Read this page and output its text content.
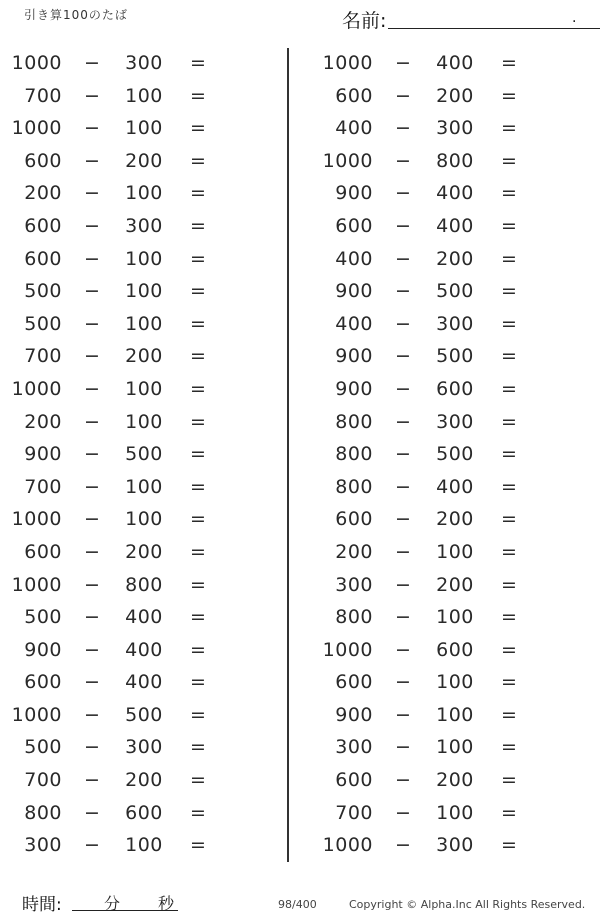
引き算100のたば	名前:	.
1000 − 300 =
700 − 100 =
1000 − 100 =
600 − 200 =
200 − 100 =
600 − 300 =
600 − 100 =
500 − 100 =
500 − 100 =
700 − 200 =
1000 − 100 =
200 − 100 =
900 − 500 =
700 − 100 =
1000 − 100 =
600 − 200 =
1000 − 800 =
500 − 400 =
900 − 400 =
600 − 400 =
1000 − 500 =
500 − 300 =
700 − 200 =
800 − 600 =
300 − 100 =
1000 − 400 =
600 − 200 =
400 − 300 =
1000 − 800 =
900 − 400 =
600 − 400 =
400 − 200 =
900 − 500 =
400 − 300 =
900 − 500 =
900 − 600 =
800 − 300 =
800 − 500 =
800 − 400 =
600 − 200 =
200 − 100 =
300 − 200 =
800 − 100 =
1000 − 600 =
600 − 100 =
900 − 100 =
300 − 100 =
600 − 200 =
700 − 100 =
1000 − 300 =
時間:	分 秒	98/400	Copyright © Alpha.Inc All Rights Reserved.
